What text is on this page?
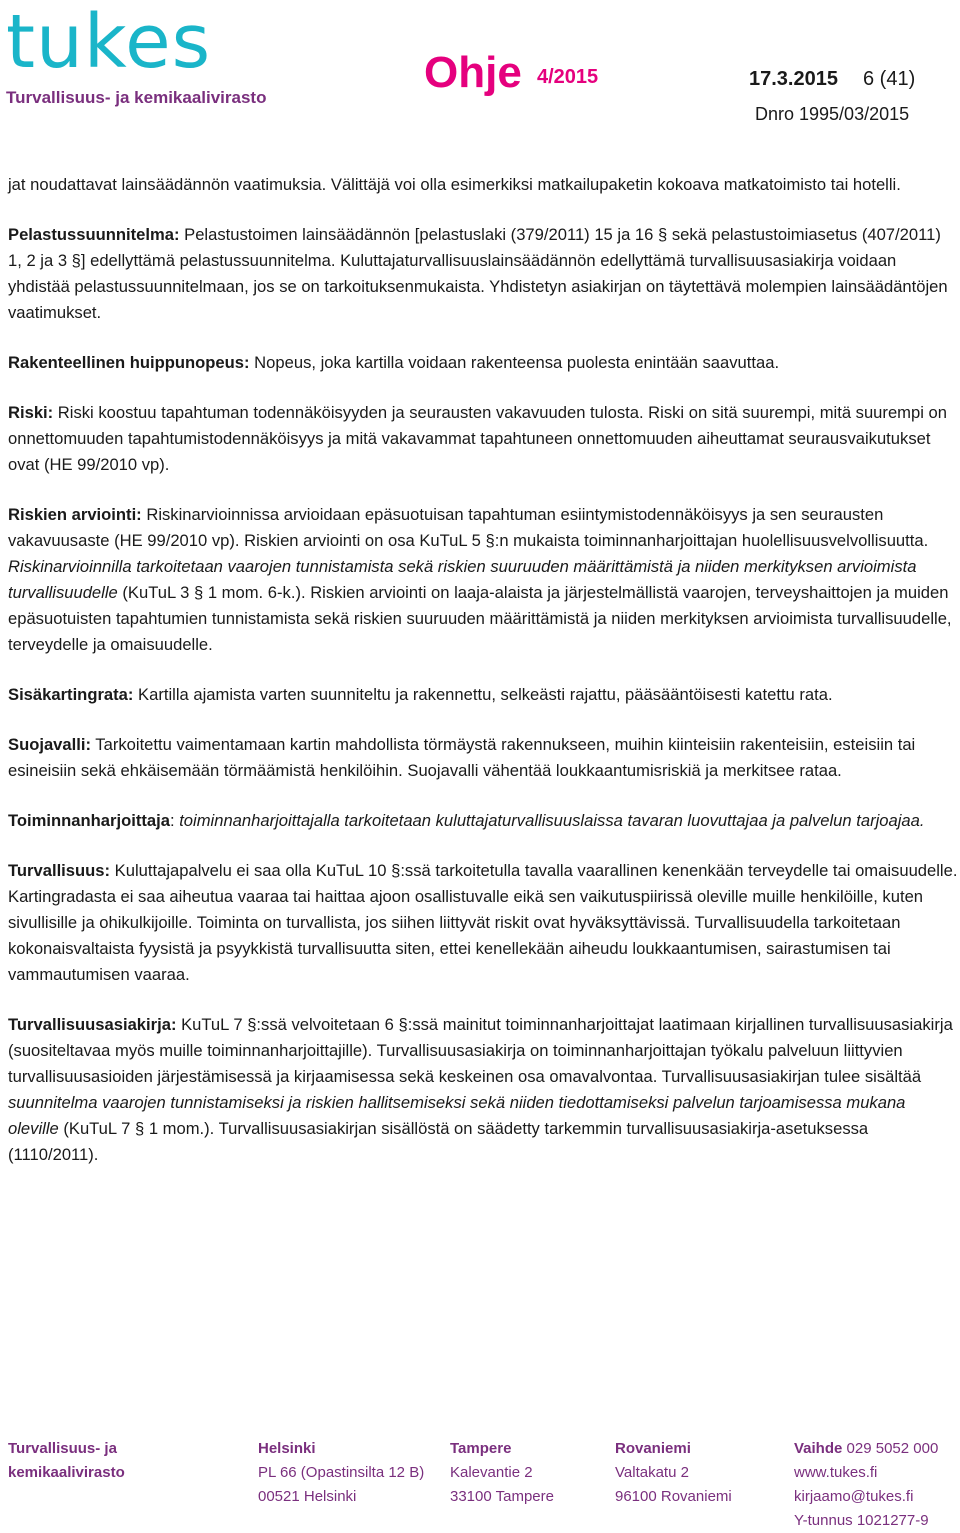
tukes
Turvallisuus- ja kemikaalivirasto
Ohje 4/2015	17.3.2015 6 (41)
Dnro 1995/03/2015

jat noudattavat lainsäädännön vaatimuksia. Välittäjä voi olla esimerkiksi matkailupaketin kokoava matkatoimisto tai hotelli.

Pelastussuunnitelma: Pelastustoimen lainsäädännön [pelastuslaki (379/2011) 15 ja 16 § sekä pelastustoimiasetus (407/2011) 1, 2 ja 3 §] edellyttämä pelastussuunnitelma. Kuluttajaturvallisuuslainsäädännön edellyttämä turvallisuusasiakirja voidaan yhdistää pelastussuunnitelmaan, jos se on tarkoituksenmukaista. Yhdistetyn asiakirjan on täytettävä molempien lainsäädäntöjen vaatimukset.

Rakenteellinen huippunopeus: Nopeus, joka kartilla voidaan rakenteensa puolesta enintään saavuttaa.

Riski: Riski koostuu tapahtuman todennäköisyyden ja seurausten vakavuuden tulosta. Riski on sitä suurempi, mitä suurempi on onnettomuuden tapahtumistodennäköisyys ja mitä vakavammat tapahtuneen onnettomuuden aiheuttamat seurausvaikutukset ovat (HE 99/2010 vp).

Riskien arviointi: Riskinarvioinnissa arvioidaan epäsuotuisan tapahtuman esiintymistodennäköisyys ja sen seurausten vakavuusaste (HE 99/2010 vp). Riskien arviointi on osa KuTuL 5 §:n mukaista toiminnanharjoittajan huolellisuusvelvollisuutta. Riskinarvioinnilla tarkoitetaan vaarojen tunnistamista sekä riskien suuruuden määrittämistä ja niiden merkityksen arvioimista turvallisuudelle (KuTuL 3 § 1 mom. 6-k.). Riskien arviointi on laaja-alaista ja järjestelmällistä vaarojen, terveyshaittojen ja muiden epäsuotuisten tapahtumien tunnistamista sekä riskien suuruuden määrittämistä ja niiden merkityksen arvioimista turvallisuudelle, terveydelle ja omaisuudelle.

Sisäkartingrata: Kartilla ajamista varten suunniteltu ja rakennettu, selkeästi rajattu, pääsääntöisesti katettu rata.

Suojavalli: Tarkoitettu vaimentamaan kartin mahdollista törmäystä rakennukseen, muihin kiinteisiin rakenteisiin, esteisiin tai esineisiin sekä ehkäisemään törmäämistä henkilöihin. Suojavalli vähentää loukkaantumisriskiä ja merkitsee rataa.

Toiminnanharjoittaja: toiminnanharjoittajalla tarkoitetaan kuluttajaturvallisuuslaissa tavaran luovuttajaa ja palvelun tarjoajaa.

Turvallisuus: Kuluttajapalvelu ei saa olla KuTuL 10 §:ssä tarkoitetulla tavalla vaarallinen kenenkään terveydelle tai omaisuudelle. Kartingradasta ei saa aiheutua vaaraa tai haittaa ajoon osallistuvalle eikä sen vaikutuspiirissä oleville muille henkilöille, kuten sivullisille ja ohikulkijoille. Toiminta on turvallista, jos siihen liittyvät riskit ovat hyväksyttävissä. Turvallisuudella tarkoitetaan kokonaisvaltaista fyysistä ja psyykkistä turvallisuutta siten, ettei kenellekään aiheudu loukkaantumisen, sairastumisen tai vammautumisen vaaraa.

Turvallisuusasiakirja: KuTuL 7 §:ssä velvoitetaan 6 §:ssä mainitut toiminnanharjoittajat laatimaan kirjallinen turvallisuusasiakirja (suositeltavaa myös muille toiminnanharjoittajille). Turvallisuusasiakirja on toiminnanharjoittajan työkalu palveluun liittyvien turvallisuusasioiden järjestämisessä ja kirjaamisessa sekä keskeinen osa omavalvontaa. Turvallisuusasiakirjan tulee sisältää suunnitelma vaarojen tunnistamiseksi ja riskien hallitsemiseksi sekä niiden tiedottamiseksi palvelun tarjoamisessa mukana oleville (KuTuL 7 § 1 mom.). Turvallisuusasiakirjan sisällöstä on säädetty tarkemmin turvallisuusasiakirja-asetuksessa (1110/2011).

Turvallisuus- ja
kemikaalivirasto
Helsinki
PL 66 (Opastinsilta 12 B)
00521 Helsinki
Tampere
Kalevantie 2
33100 Tampere
Rovaniemi
Valtakatu 2
96100 Rovaniemi
Vaihde 029 5052 000
www.tukes.fi
kirjaamo@tukes.fi
Y-tunnus 1021277-9
